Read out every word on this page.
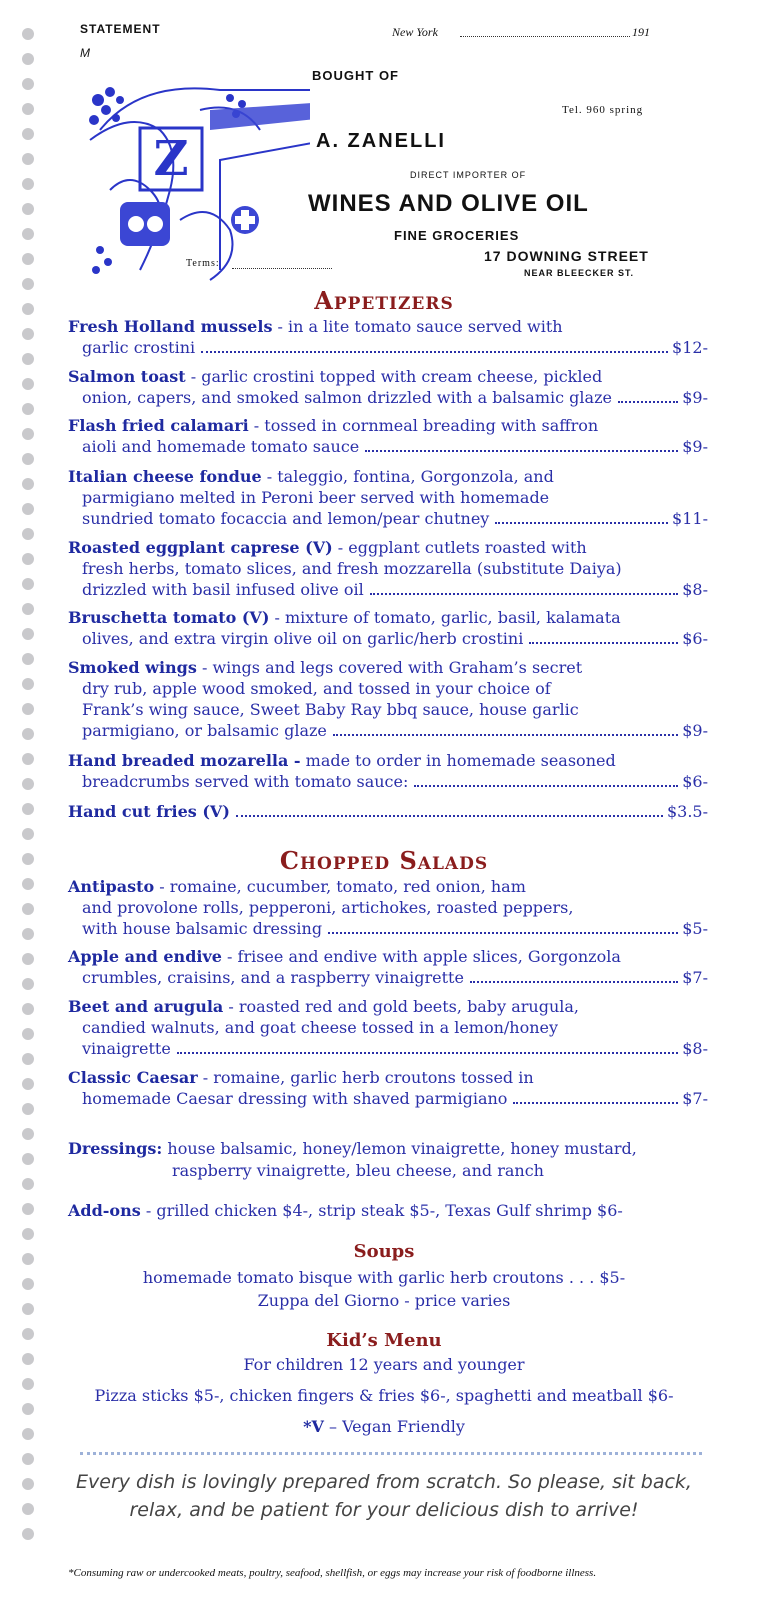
STATEMENT
M
New York	191
Z
BOUGHT OF
Tel. 960 spring
A. ZANELLI
DIRECT IMPORTER OF
WINES AND OLIVE OIL
FINE GROCERIES
Terms:	17 DOWNING STREET
NEAR BLEECKER ST.
Appetizers
Fresh Holland mussels - in a lite tomato sauce served with
garlic crostini	$12-
Salmon toast - garlic crostini topped with cream cheese, pickled
onion, capers, and smoked salmon drizzled with a balsamic glaze	$9-
Flash fried calamari - tossed in cornmeal breading with saffron
aioli and homemade tomato sauce	$9-
Italian cheese fondue - taleggio, fontina, Gorgonzola, and
parmigiano melted in Peroni beer served with homemade
sundried tomato focaccia and lemon/pear chutney	$11-
Roasted eggplant caprese (V) - eggplant cutlets roasted with
fresh herbs, tomato slices, and fresh mozzarella (substitute Daiya)
drizzled with basil infused olive oil	$8-
Bruschetta tomato (V) - mixture of tomato, garlic, basil, kalamata
olives, and extra virgin olive oil on garlic/herb crostini	$6-
Smoked wings - wings and legs covered with Graham’s secret
dry rub, apple wood smoked, and tossed in your choice of
Frank’s wing sauce, Sweet Baby Ray bbq sauce, house garlic
parmigiano, or balsamic glaze	$9-
Hand breaded mozarella - made to order in homemade seasoned
breadcrumbs served with tomato sauce:	$6-
Hand cut fries (V)	$3.5-
Chopped Salads
Antipasto - romaine, cucumber, tomato, red onion, ham
and provolone rolls, pepperoni, artichokes, roasted peppers,
with house balsamic dressing	$5-
Apple and endive - frisee and endive with apple slices, Gorgonzola
crumbles, craisins, and a raspberry vinaigrette	$7-
Beet and arugula - roasted red and gold beets, baby arugula,
candied walnuts, and goat cheese tossed in a lemon/honey
vinaigrette	$8-
Classic Caesar - romaine, garlic herb croutons tossed in
homemade Caesar dressing with shaved parmigiano	$7-
Dressings: house balsamic, honey/lemon vinaigrette, honey mustard,
raspberry vinaigrette, bleu cheese, and ranch
Add-ons - grilled chicken $4-, strip steak $5-, Texas Gulf shrimp $6-
Soups
homemade tomato bisque with garlic herb croutons . . . $5-
Zuppa del Giorno - price varies
Kid’s Menu
For children 12 years and younger
Pizza sticks $5-, chicken fingers & fries $6-, spaghetti and meatball $6-
*V – Vegan Friendly
Every dish is lovingly prepared from scratch. So please, sit back,
relax, and be patient for your delicious dish to arrive!
*Consuming raw or undercooked meats, poultry, seafood, shellfish, or eggs may increase your risk of foodborne illness.
